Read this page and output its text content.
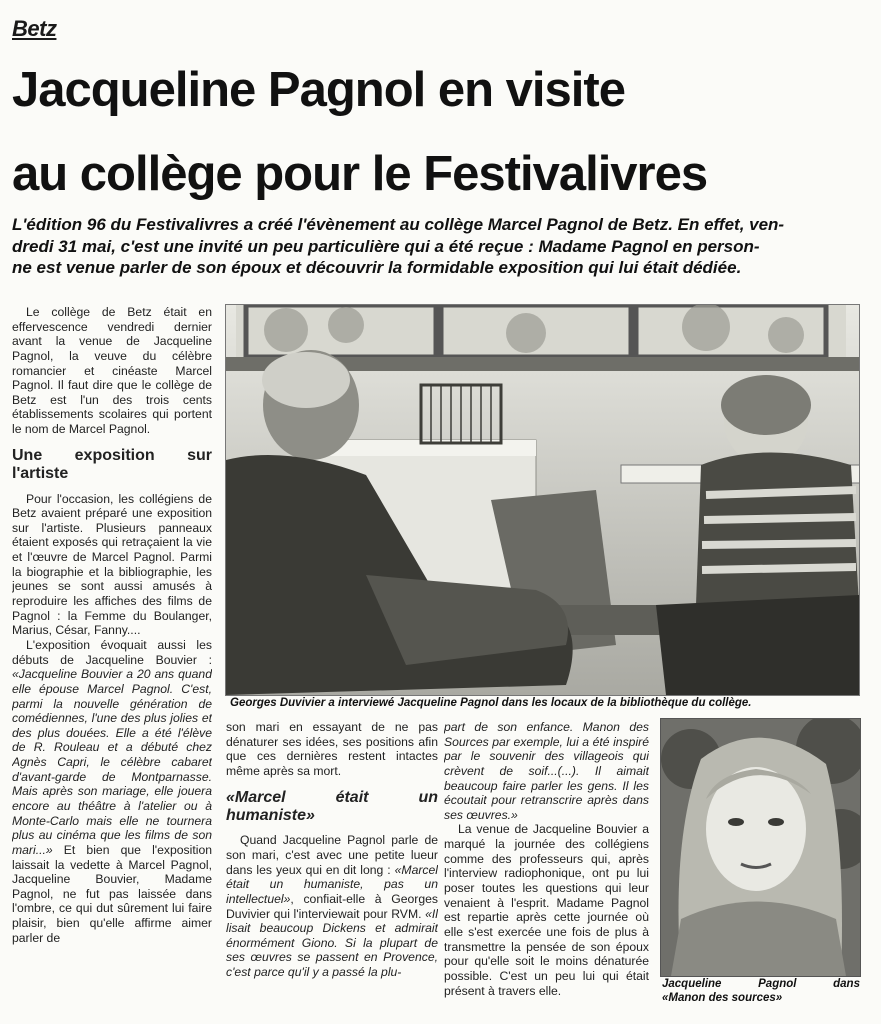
Betz
Jacqueline Pagnol en visite
au collège pour le Festivalivres
L'édition 96 du Festivalivres a créé l'évènement au collège Marcel Pagnol de Betz. En effet, ven-
dredi 31 mai, c'est une invité un peu particulière qui a été reçue : Madame Pagnol en person-
ne est venue parler de son époux et découvrir la formidable exposition qui lui était dédiée.

Le collège de Betz était en effervescence vendredi dernier avant la venue de Jacqueline Pagnol, la veuve du célèbre romancier et cinéaste Marcel Pagnol. Il faut dire que le collège de Betz est l'un des trois cents établissements scolaires qui portent le nom de Marcel Pagnol.

Une exposition sur l'artiste

Pour l'occasion, les collégiens de Betz avaient préparé une exposition sur l'artiste. Plusieurs panneaux étaient exposés qui retraçaient la vie et l'œuvre de Marcel Pagnol. Parmi la biographie et la bibliographie, les jeunes se sont aussi amusés à reproduire les affiches des films de Pagnol : la Femme du Boulanger, Marius, César, Fanny....

L'exposition évoquait aussi les débuts de Jacqueline Bouvier : «Jacqueline Bouvier a 20 ans quand elle épouse Marcel Pagnol. C'est, parmi la nouvelle génération de comédiennes, l'une des plus jolies et des plus douées. Elle a été l'élève de R. Rouleau et a débuté chez Agnès Capri, le célèbre cabaret d'avant-garde de Montparnasse. Mais après son mariage, elle jouera encore au théâtre à l'atelier ou à Monte-Carlo mais elle ne tournera plus au cinéma que les films de son mari...» Et bien que l'exposition laissait la vedette à Marcel Pagnol, Jacqueline Bouvier, Madame Pagnol, ne fut pas laissée dans l'ombre, ce qui dut sûrement lui faire plaisir, bien qu'elle affirme aimer parler de

Georges Duvivier a interviewé Jacqueline Pagnol dans les locaux de la bibliothèque du collège.

son mari en essayant de ne pas dénaturer ses idées, ses positions afin que ces dernières restent intactes même après sa mort.

«Marcel était un humaniste»

Quand Jacqueline Pagnol parle de son mari, c'est avec une petite lueur dans les yeux qui en dit long : «Marcel était un humaniste, pas un intellectuel», confiait-elle à Georges Duvivier qui l'interviewait pour RVM. «Il lisait beaucoup Dickens et admirait énormément Giono. Si la plupart de ses œuvres se passent en Provence, c'est parce qu'il y a passé la plu-

part de son enfance. Manon des Sources par exemple, lui a été inspiré par le souvenir des villageois qui crèvent de soif...(...). Il aimait beaucoup faire parler les gens. Il les écoutait pour retranscrire après dans ses œuvres.»

La venue de Jacqueline Bouvier a marqué la journée des collégiens comme des professeurs qui, après l'interview radiophonique, ont pu lui poser toutes les questions qui leur venaient à l'esprit. Madame Pagnol est repartie après cette journée où elle s'est exercée une fois de plus à transmettre la pensée de son époux pour qu'elle soit le moins dénaturée possible. C'est un peu lui qui était présent à travers elle.	Jacqueline	Pagnol	dans
«Manon des sources»
